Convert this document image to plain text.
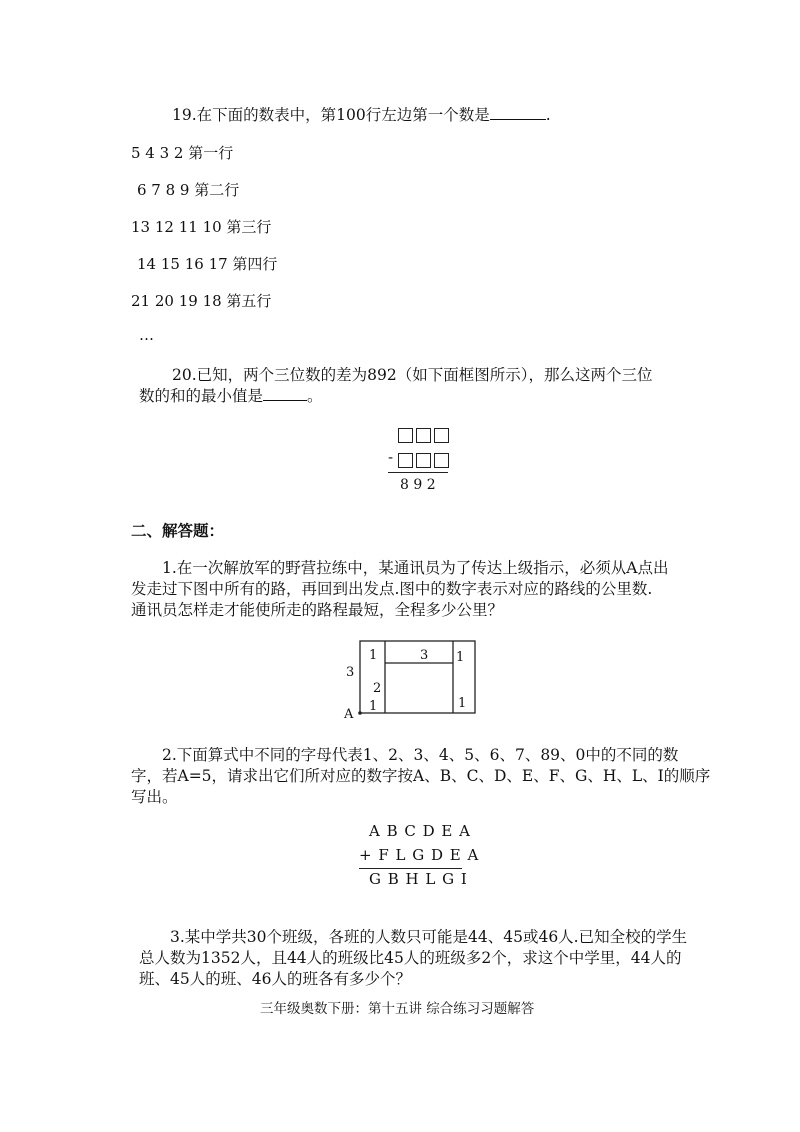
19.在下面的数表中，第100行左边第一个数是	.
5 4 3 2 第一行
6 7 8 9 第二行
13 12 11 10 第三行
14 15 16 17 第四行
21 20 19 18 第五行
…
20.已知，两个三位数的差为892（如下面框图所示），那么这两个三位
数的和的最小值是	。
-
8 9 2
二、解答题：
1.在一次解放军的野营拉练中，某通讯员为了传达上级指示，必须从A点出
发走过下图中所有的路，再回到出发点.图中的数字表示对应的路线的公里数.
通讯员怎样走才能使所走的路程最短，全程多少公里？
3
1	3 1
2
1	1
A
2.下面算式中不同的字母代表1、2、3、4、5、6、7、89、0中的不同的数
字，若A=5，请求出它们所对应的数字按A、B、C、D、E、F、G、H、L、I的顺序
写出。
A B C D E A
+ F L G D E A
G B H L G I
3.某中学共30个班级，各班的人数只可能是44、45或46人.已知全校的学生
总人数为1352人，且44人的班级比45人的班级多2个，求这个中学里，44人的
班、45人的班、46人的班各有多少个？
三年级奥数下册：第十五讲 综合练习习题解答
